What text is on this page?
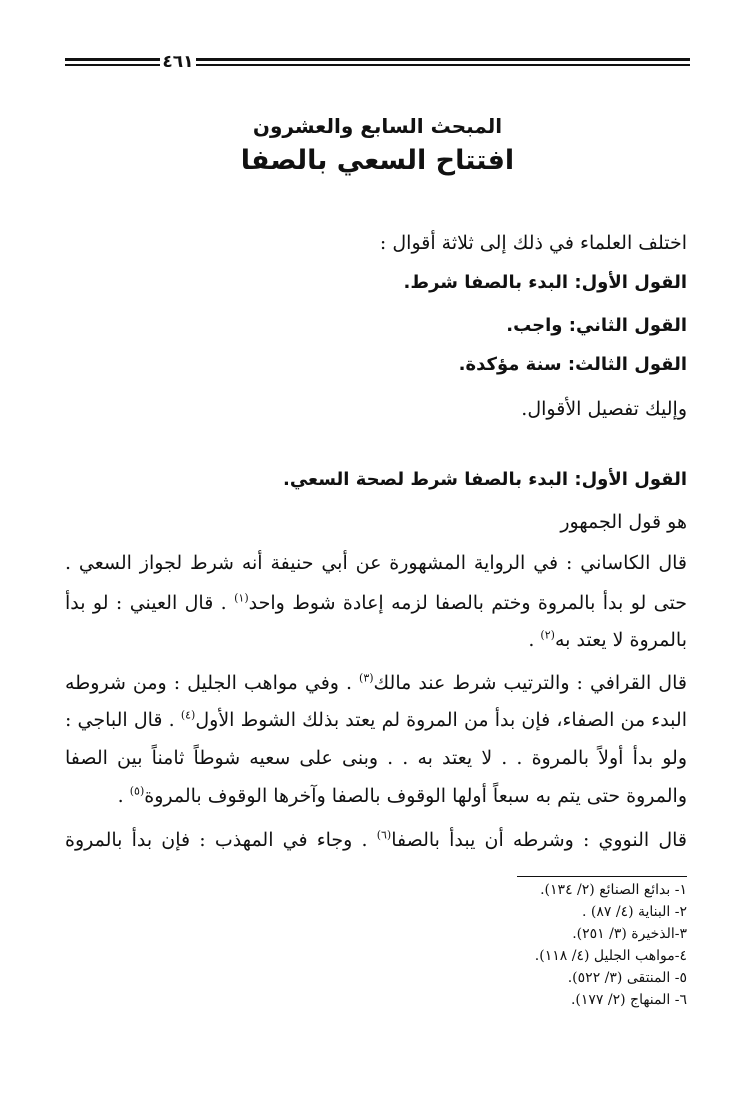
٤٦١
المبحث السابع والعشرون
افتتاح السعي بالصفا
اختلف العلماء في ذلك إلى ثلاثة أقوال :
القول الأول: البدء بالصفا شرط.
القول الثاني: واجب.
القول الثالث: سنة مؤكدة.
وإليك تفصيل الأقوال.
القول الأول: البدء بالصفا شرط لصحة السعي.
هو قول الجمهور
قال الكاساني : في الرواية المشهورة عن أبي حنيفة أنه شرط لجواز السعي .
حتى لو بدأ بالمروة وختم بالصفا لزمه إعادة شوط واحد$^{(١)}$ . قال العيني : لو بدأ
بالمروة لا يعتد به$^{(٢)}$ .
قال القرافي : والترتيب شرط عند مالك$^{(٣)}$ . وفي مواهب الجليل : ومن شروطه
البدء من الصفاء، فإن بدأ من المروة لم يعتد بذلك الشوط الأول$^{(٤)}$ . قال الباجي :
ولو بدأ أولاً بالمروة . . لا يعتد به . . وبنى على سعيه شوطاً ثامناً بين الصفا
والمروة حتى يتم به سبعاً أولها الوقوف بالصفا وآخرها الوقوف بالمروة$^{(٥)}$ .
قال النووي : وشرطه أن يبدأ بالصفا$^{(٦)}$ . وجاء في المهذب : فإن بدأ بالمروة
١- بدائع الصنائع (٢/ ١٣٤).
٢- البناية (٤/ ٨٧) .
٣-الذخيرة (٣/ ٢٥١).
٤-مواهب الجليل (٤/ ١١٨).
٥- المنتقى (٣/ ٥٢٢).
٦- المنهاج (٢/ ١٧٧).
